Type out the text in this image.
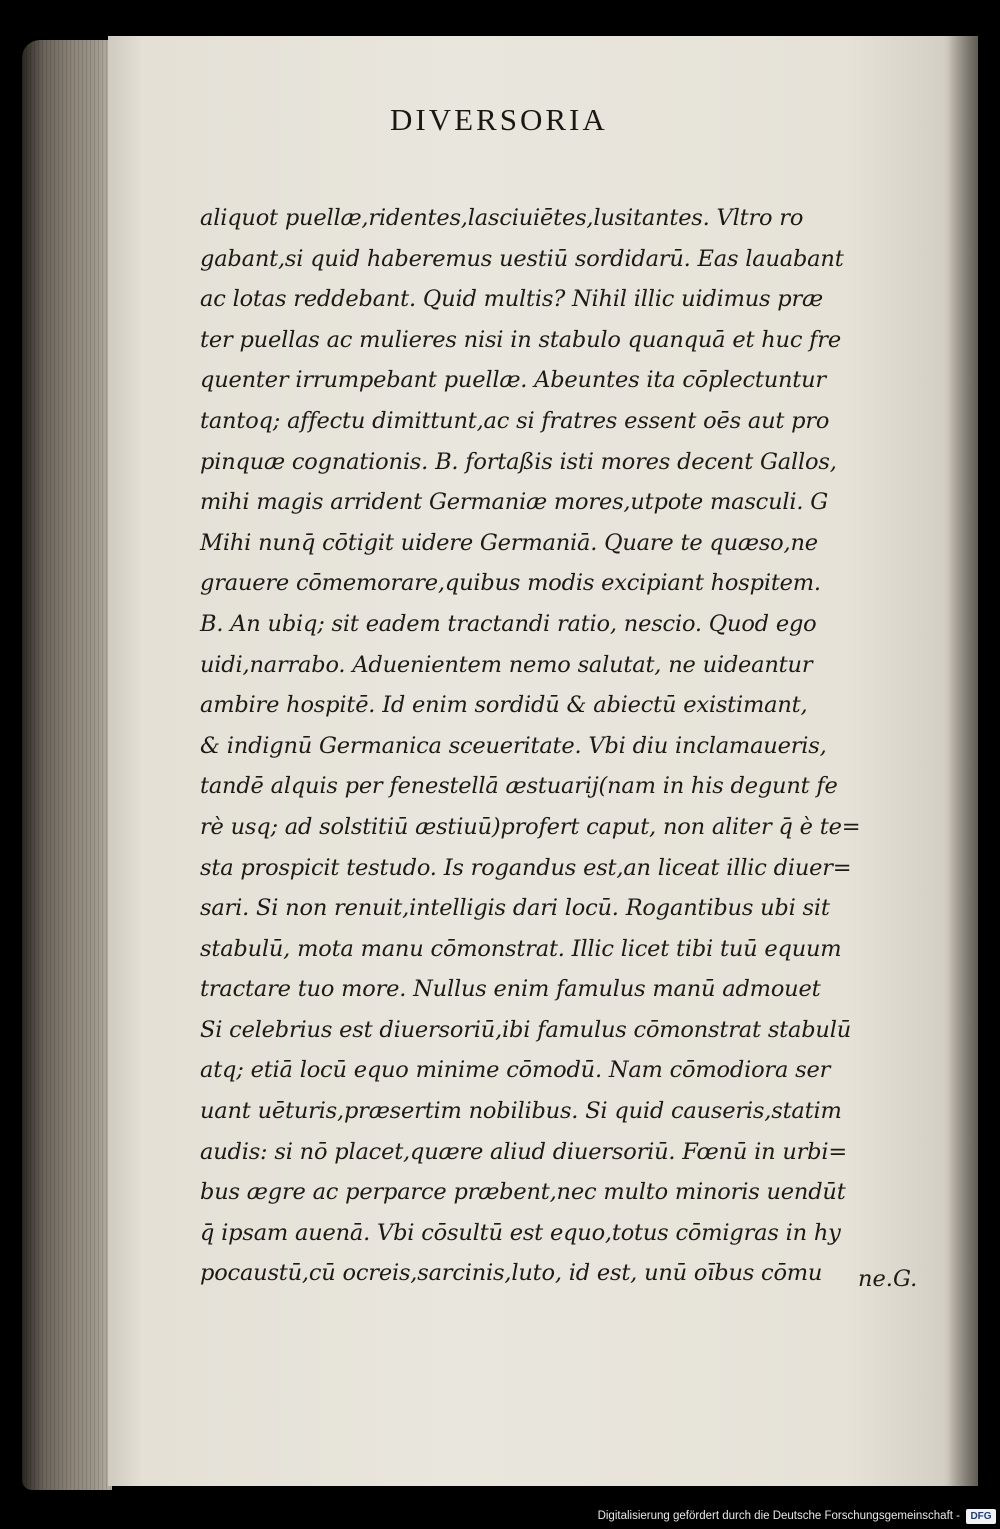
DIVERSORIA
aliquot puellæ,ridentes,lasciuiētes,lusitantes. Vltro ro
gabant,si quid haberemus uestiū sordidarū. Eas lauabant
ac lotas reddebant. Quid multis? Nihil illic uidimus præ
ter puellas ac mulieres nisi in stabulo quanquā et huc fre
quenter irrumpebant puellæ. Abeuntes ita cōplectuntur
tantoq; affectu dimittunt,ac si fratres essent oēs aut pro
pinquæ cognationis. B. fortaßis isti mores decent Gallos,
mihi magis arrident Germaniæ mores,utpote masculi. G
Mihi nunq̄ cōtigit uidere Germaniā. Quare te quæso,ne
grauere cōmemorare,quibus modis excipiant hospitem.
B. An ubiq; sit eadem tractandi ratio, nescio. Quod ego
uidi,narrabo. Aduenientem nemo salutat, ne uideantur
ambire hospitē. Id enim sordidū & abiectū existimant,
& indignū Germanica sceueritate. Vbi diu inclamaueris,
tandē alquis per fenestellā æstuarij(nam in his degunt fe
rè usq; ad solstitiū æstiuū)profert caput, non aliter q̄ è te=
sta prospicit testudo. Is rogandus est,an liceat illic diuer=
sari. Si non renuit,intelligis dari locū. Rogantibus ubi sit
stabulū, mota manu cōmonstrat. Illic licet tibi tuū equum
tractare tuo more. Nullus enim famulus manū admouet
Si celebrius est diuersoriū,ibi famulus cōmonstrat stabulū
atq; etiā locū equo minime cōmodū. Nam cōmodiora ser
uant uēturis,præsertim nobilibus. Si quid causeris,statim
audis: si nō placet,quære aliud diuersoriū. Fœnū in urbi=
bus ægre ac perparce præbent,nec multo minoris uendūt
q̄ ipsam auenā. Vbi cōsultū est equo,totus cōmigras in hy
pocaustū,cū ocreis,sarcinis,luto, id est, unū oībus cōmu	ne.G.
Digitalisierung gefördert durch die Deutsche Forschungsgemeinschaft -	DFG
